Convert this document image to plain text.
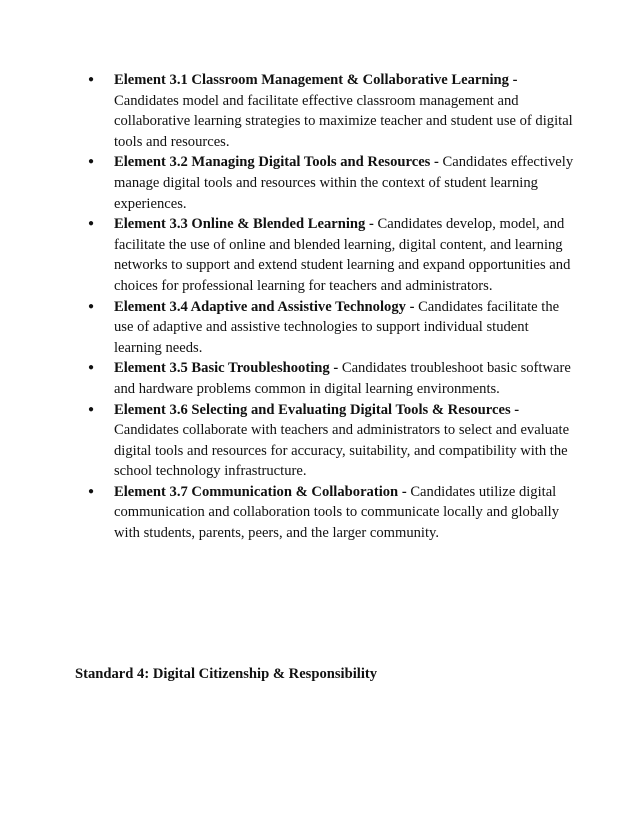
● Element 3.1 Classroom Management & Collaborative Learning - Candidates model and facilitate effective classroom management and collaborative learning strategies to maximize teacher and student use of digital tools and resources.
● Element 3.2 Managing Digital Tools and Resources - Candidates effectively manage digital tools and resources within the context of student learning experiences.
● Element 3.3 Online & Blended Learning - Candidates develop, model, and facilitate the use of online and blended learning, digital content, and learning networks to support and extend student learning and expand opportunities and choices for professional learning for teachers and administrators.
● Element 3.4 Adaptive and Assistive Technology - Candidates facilitate the use of adaptive and assistive technologies to support individual student learning needs.
● Element 3.5 Basic Troubleshooting - Candidates troubleshoot basic software and hardware problems common in digital learning environments.
● Element 3.6 Selecting and Evaluating Digital Tools & Resources - Candidates collaborate with teachers and administrators to select and evaluate digital tools and resources for accuracy, suitability, and compatibility with the school technology infrastructure.
● Element 3.7 Communication & Collaboration - Candidates utilize digital communication and collaboration tools to communicate locally and globally with students, parents, peers, and the larger community.
Standard 4: Digital Citizenship & Responsibility
